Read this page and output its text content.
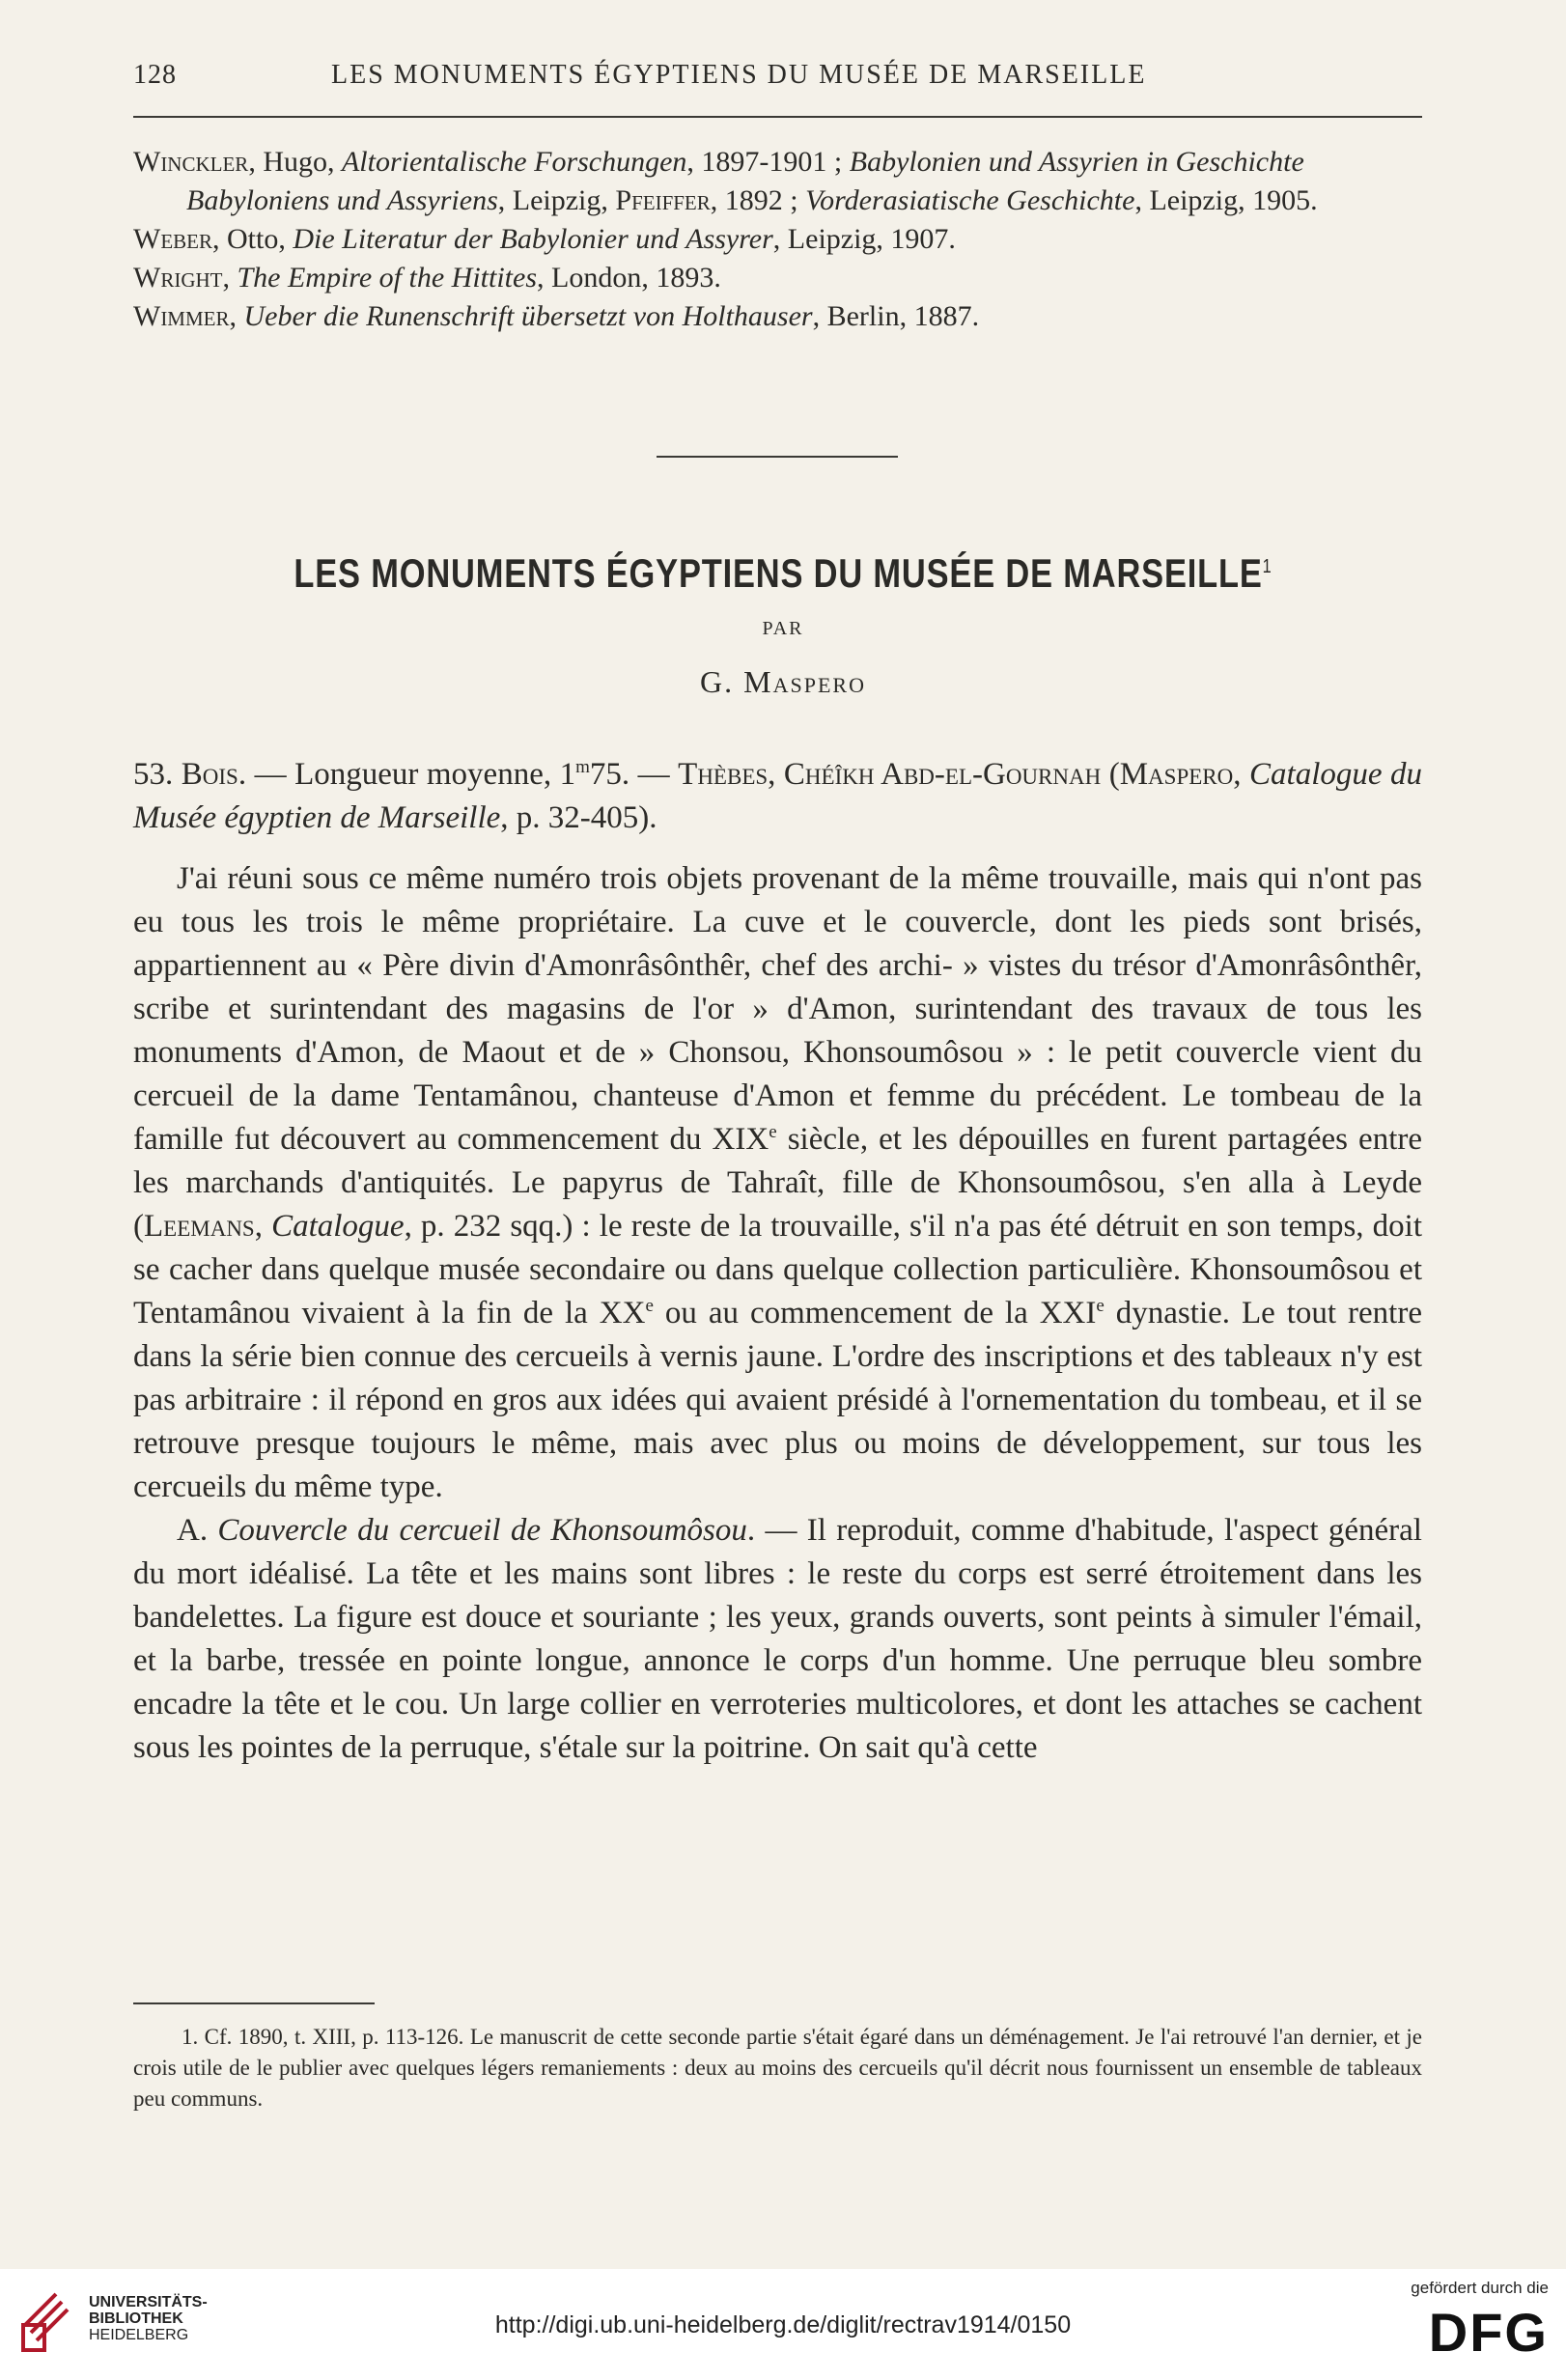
128	LES MONUMENTS ÉGYPTIENS DU MUSÉE DE MARSEILLE
Winckler, Hugo, Altorientalische Forschungen, 1897-1901 ; Babylonien und Assyrien in Geschichte Babyloniens und Assyriens, Leipzig, Pfeiffer, 1892 ; Vorderasiatische Geschichte, Leipzig, 1905.
Weber, Otto, Die Literatur der Babylonier und Assyrer, Leipzig, 1907.
Wright, The Empire of the Hittites, London, 1893.
Wimmer, Ueber die Runenschrift übersetzt von Holthauser, Berlin, 1887.
LES MONUMENTS ÉGYPTIENS DU MUSÉE DE MARSEILLE$^1$
PAR
G. Maspero

53. Bois. — Longueur moyenne, 1$^m$75. — Thèbes, Chéîkh Abd-el-Gournah (Maspero, Catalogue du Musée égyptien de Marseille, p. 32-405).

J'ai réuni sous ce même numéro trois objets provenant de la même trouvaille, mais qui n'ont pas eu tous les trois le même propriétaire. La cuve et le couvercle, dont les pieds sont brisés, appartiennent au « Père divin d'Amonrâsônthêr, chef des archi- » vistes du trésor d'Amonrâsônthêr, scribe et surintendant des magasins de l'or » d'Amon, surintendant des travaux de tous les monuments d'Amon, de Maout et de » Chonsou, Khonsoumôsou » : le petit couvercle vient du cercueil de la dame Tentamânou, chanteuse d'Amon et femme du précédent. Le tombeau de la famille fut découvert au commencement du XIXe siècle, et les dépouilles en furent partagées entre les marchands d'antiquités. Le papyrus de Tahraît, fille de Khonsoumôsou, s'en alla à Leyde (Leemans, Catalogue, p. 232 sqq.) : le reste de la trouvaille, s'il n'a pas été détruit en son temps, doit se cacher dans quelque musée secondaire ou dans quelque collection particulière. Khonsoumôsou et Tentamânou vivaient à la fin de la XXe ou au commencement de la XXIe dynastie. Le tout rentre dans la série bien connue des cercueils à vernis jaune. L'ordre des inscriptions et des tableaux n'y est pas arbitraire : il répond en gros aux idées qui avaient présidé à l'ornementation du tombeau, et il se retrouve presque toujours le même, mais avec plus ou moins de développement, sur tous les cercueils du même type.

A. Couvercle du cercueil de Khonsoumôsou. — Il reproduit, comme d'habitude, l'aspect général du mort idéalisé. La tête et les mains sont libres : le reste du corps est serré étroitement dans les bandelettes. La figure est douce et souriante ; les yeux, grands ouverts, sont peints à simuler l'émail, et la barbe, tressée en pointe longue, annonce le corps d'un homme. Une perruque bleu sombre encadre la tête et le cou. Un large collier en verroteries multicolores, et dont les attaches se cachent sous les pointes de la perruque, s'étale sur la poitrine. On sait qu'à cette

1. Cf. 1890, t. XIII, p. 113-126. Le manuscrit de cette seconde partie s'était égaré dans un déménagement. Je l'ai retrouvé l'an dernier, et je crois utile de le publier avec quelques légers remaniements : deux au moins des cercueils qu'il décrit nous fournissent un ensemble de tableaux peu communs.

UNIVERSITÄTS-
BIBLIOTHEK
HEIDELBERG	http://digi.ub.uni-heidelberg.de/diglit/rectrav1914/0150
gefördert durch die
DFG
